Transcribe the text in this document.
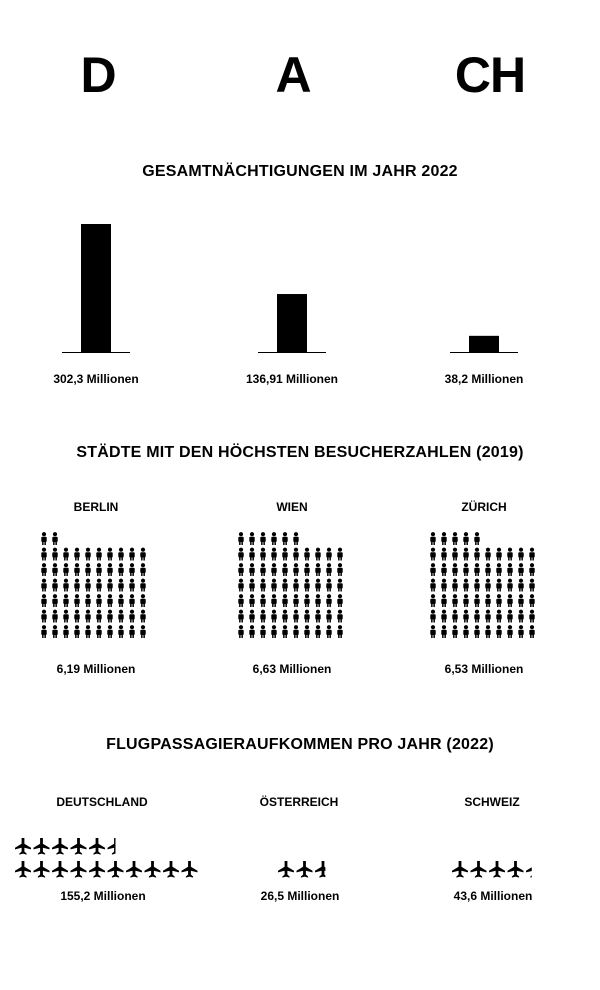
D	A	CH
GESAMTNÄCHTIGUNGEN IM JAHR 2022
302,3 Millionen	136,91 Millionen	38,2 Millionen
STÄDTE MIT DEN HÖCHSTEN BESUCHERZAHLEN (2019)
BERLIN	WIEN	ZÜRICH
6,19 Millionen	6,63 Millionen	6,53 Millionen
FLUGPASSAGIERAUFKOMMEN PRO JAHR (2022)
DEUTSCHLAND	ÖSTERREICH	SCHWEIZ
155,2 Millionen	26,5 Millionen	43,6 Millionen
